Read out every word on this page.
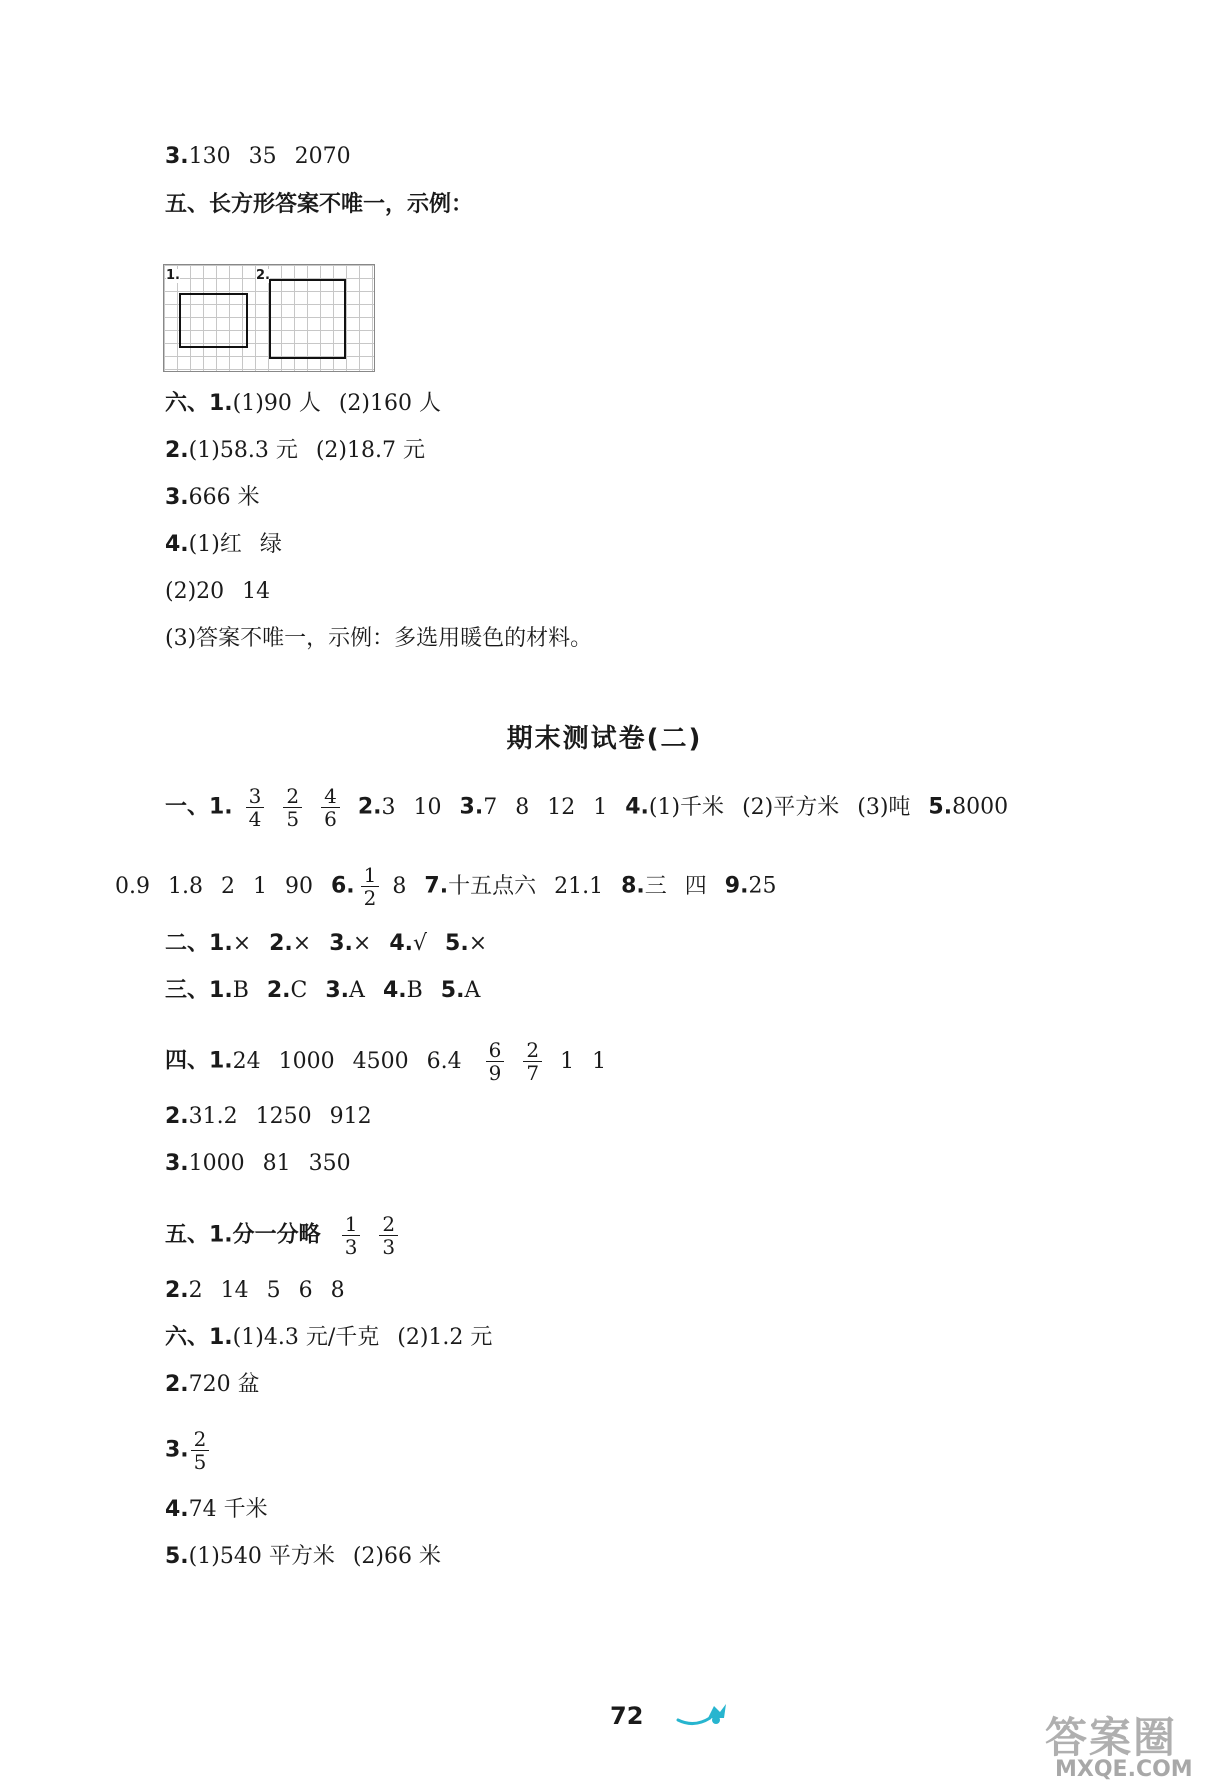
3.130 35 2070
五、长方形答案不唯一，示例：
1.	2.
六、1.(1)90 人 (2)160 人
2.(1)58.3 元 (2)18.7 元
3.666 米
4.(1)红 绿
(2)20 14
(3)答案不唯一，示例：多选用暖色的材料。
期末测试卷(二)
一、1. $\frac{3}{4}$
$\frac{2}{5}$
$\frac{4}{6} 2.3$ 10 3.7 8 12 1 4.(1)千米 (2)平方米 (3)吨 5.8000
0.9 1.8 2 1 90 6. $\frac{1}{2} 8$ 7.十五点六 21.1 8.三 四 9.25
二、1.× 2.× 3.× 4.√ 5.×
三、1.B 2.C 3.A 4.B 5.A
四、1.24 1000 4500 $6.4 \frac{6}{9}$
$\frac{2}{7} 1$ 1
2.31.2 1250 912
3.1000 81 350
五、1.分一分略 $\frac{1}{3}$
$\frac{2}{3}$
2.2 14 5 6 8
六、1.(1)4.3 元/千克 (2)1.2 元
2.720 盆
3. $\frac{2}{5}$
4.74 千米
5.(1)540 平方米 (2)66 米
72	答案圈
MXQE.COM
